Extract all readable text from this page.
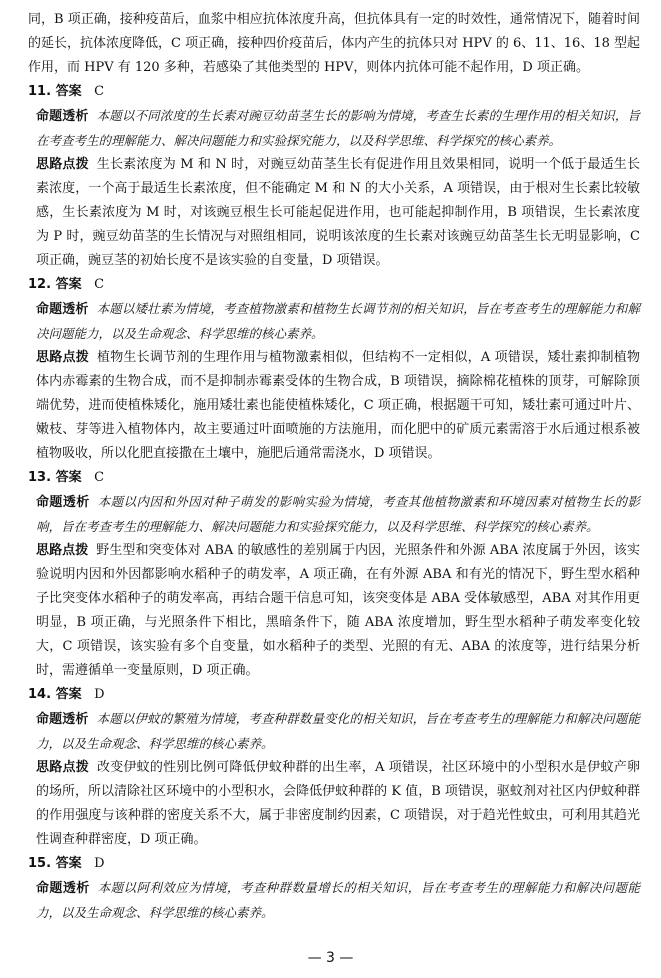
同，B 项正确，接种疫苗后，血浆中相应抗体浓度升高，但抗体具有一定的时效性，通常情况下，随着时间的延长，抗体浓度降低，C 项正确，接种四价疫苗后，体内产生的抗体只对 HPV 的 6、11、16、18 型起作用，而 HPV 有 120 多种，若感染了其他类型的 HPV，则体内抗体可能不起作用，D 项正确。

11. 答案 C

命题透析 本题以不同浓度的生长素对豌豆幼苗茎生长的影响为情境，考查生长素的生理作用的相关知识，旨在考查考生的理解能力、解决问题能力和实验探究能力，以及科学思维、科学探究的核心素养。

思路点拨 生长素浓度为 M 和 N 时，对豌豆幼苗茎生长有促进作用且效果相同，说明一个低于最适生长素浓度，一个高于最适生长素浓度，但不能确定 M 和 N 的大小关系，A 项错误，由于根对生长素比较敏感，生长素浓度为 M 时，对该豌豆根生长可能起促进作用，也可能起抑制作用，B 项错误，生长素浓度为 P 时，豌豆幼苗茎的生长情况与对照组相同，说明该浓度的生长素对该豌豆幼苗茎生长无明显影响，C 项正确，豌豆茎的初始长度不是该实验的自变量，D 项错误。

12. 答案 C

命题透析 本题以矮壮素为情境，考查植物激素和植物生长调节剂的相关知识，旨在考查考生的理解能力和解决问题能力，以及生命观念、科学思维的核心素养。

思路点拨 植物生长调节剂的生理作用与植物激素相似，但结构不一定相似，A 项错误，矮壮素抑制植物体内赤霉素的生物合成，而不是抑制赤霉素受体的生物合成，B 项错误，摘除棉花植株的顶芽，可解除顶端优势，进而使植株矮化，施用矮壮素也能使植株矮化，C 项正确，根据题干可知，矮壮素可通过叶片、嫩枝、芽等进入植物体内，故主要通过叶面喷施的方法施用，而化肥中的矿质元素需溶于水后通过根系被植物吸收，所以化肥直接撒在土壤中，施肥后通常需浇水，D 项错误。

13. 答案 C

命题透析 本题以内因和外因对种子萌发的影响实验为情境，考查其他植物激素和环境因素对植物生长的影响，旨在考查考生的理解能力、解决问题能力和实验探究能力，以及科学思维、科学探究的核心素养。

思路点拨 野生型和突变体对 ABA 的敏感性的差别属于内因，光照条件和外源 ABA 浓度属于外因，该实验说明内因和外因都影响水稻种子的萌发率，A 项正确，在有外源 ABA 和有光的情况下，野生型水稻种子比突变体水稻种子的萌发率高，再结合题干信息可知，该突变体是 ABA 受体敏感型，ABA 对其作用更明显，B 项正确，与光照条件下相比，黑暗条件下，随 ABA 浓度增加，野生型水稻种子萌发率变化较大，C 项错误，该实验有多个自变量，如水稻种子的类型、光照的有无、ABA 的浓度等，进行结果分析时，需遵循单一变量原则，D 项正确。

14. 答案 D

命题透析 本题以伊蚊的繁殖为情境，考查种群数量变化的相关知识，旨在考查考生的理解能力和解决问题能力，以及生命观念、科学思维的核心素养。

思路点拨 改变伊蚊的性别比例可降低伊蚊种群的出生率，A 项错误，社区环境中的小型积水是伊蚊产卵的场所，所以清除社区环境中的小型积水，会降低伊蚊种群的 K 值，B 项错误，驱蚊剂对社区内伊蚊种群的作用强度与该种群的密度关系不大，属于非密度制约因素，C 项错误，对于趋光性蚊虫，可利用其趋光性调查种群密度，D 项正确。

15. 答案 D

命题透析 本题以阿利效应为情境，考查种群数量增长的相关知识，旨在考查考生的理解能力和解决问题能力，以及生命观念、科学思维的核心素养。

— 3 —
